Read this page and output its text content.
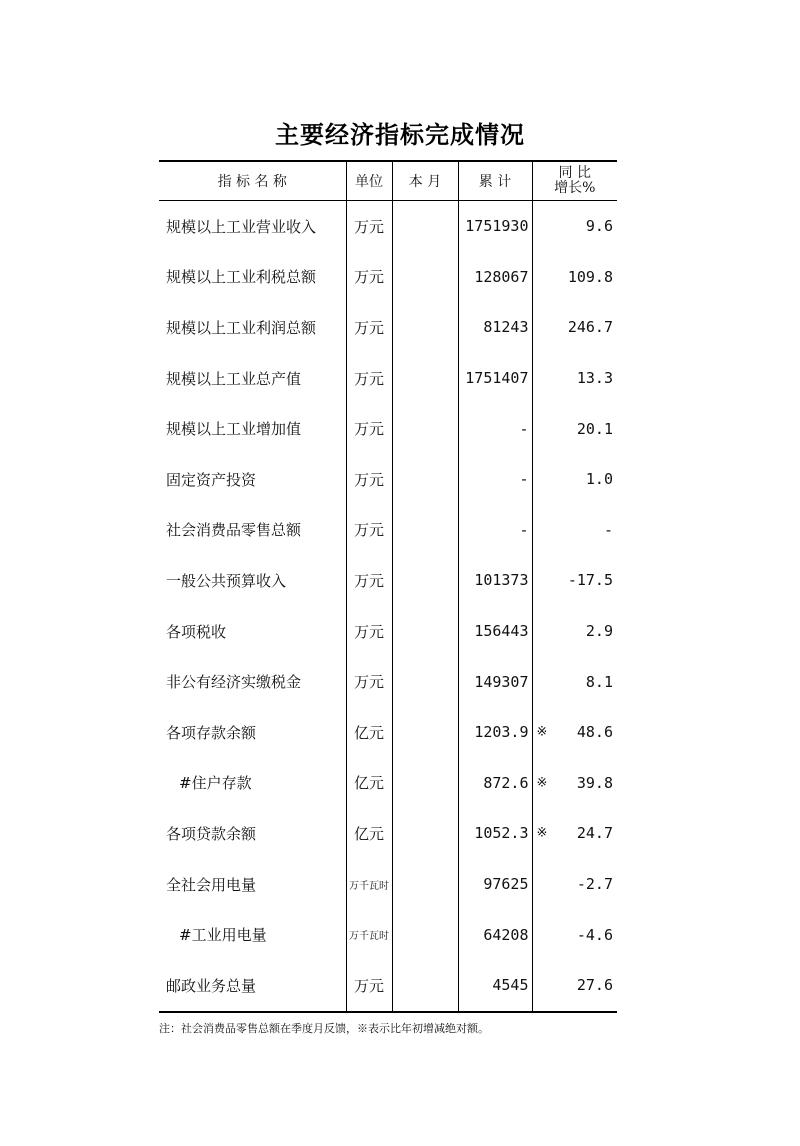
主要经济指标完成情况
指 标 名 称	单位	本 月	累 计	同 比
增长%

规模以上工业营业收入	万元		1751930	9.6
规模以上工业利税总额	万元		128067	109.8
规模以上工业利润总额	万元		81243	246.7
规模以上工业总产值	万元		1751407	13.3
规模以上工业增加值	万元		-	20.1
固定资产投资	万元		-	1.0
社会消费品零售总额	万元		-	-
一般公共预算收入	万元		101373	-17.5
各项税收	万元		156443	2.9
非公有经济实缴税金	万元		149307	8.1
各项存款余额	亿元		1203.9	※ 48.6
#住户存款	亿元		872.6	※ 39.8
各项贷款余额	亿元		1052.3	※ 24.7
全社会用电量	万千瓦时		97625	-2.7
#工业用电量	万千瓦时		64208	-4.6
邮政业务总量	万元		4545	27.6
注：社会消费品零售总额在季度月反馈，※表示比年初增减绝对额。
